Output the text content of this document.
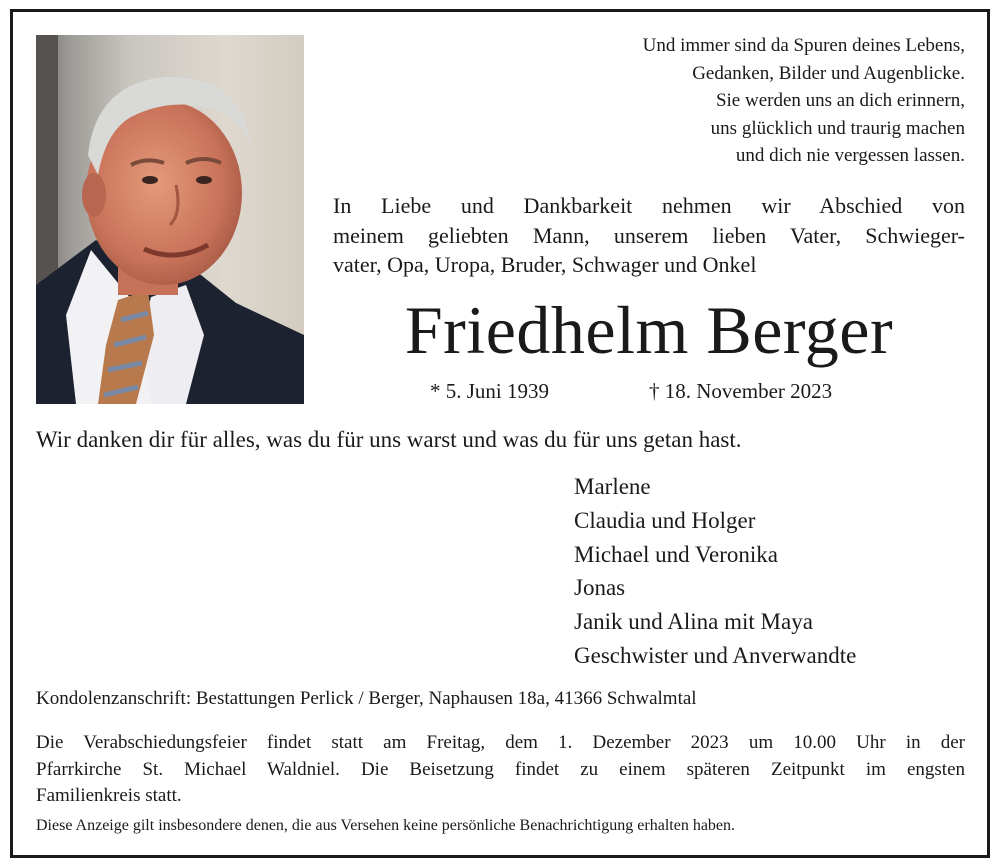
Und immer sind da Spuren deines Lebens,
Gedanken, Bilder und Augenblicke.
Sie werden uns an dich erinnern,
uns glücklich und traurig machen
und dich nie vergessen lassen.
In Liebe und Dankbarkeit nehmen wir Abschied von
meinem geliebten Mann, unserem lieben Vater, Schwieger-
vater, Opa, Uropa, Bruder, Schwager und Onkel
Friedhelm Berger
* 5. Juni 1939	† 18. November 2023
Wir danken dir für alles, was du für uns warst und was du für uns getan hast.
Marlene
Claudia und Holger
Michael und Veronika
Jonas
Janik und Alina mit Maya
Geschwister und Anverwandte
Kondolenzanschrift: Bestattungen Perlick / Berger, Naphausen 18a, 41366 Schwalmtal
Die Verabschiedungsfeier findet statt am Freitag, dem 1. Dezember 2023 um 10.00 Uhr in der
Pfarrkirche St. Michael Waldniel. Die Beisetzung findet zu einem späteren Zeitpunkt im engsten
Familienkreis statt.
Diese Anzeige gilt insbesondere denen, die aus Versehen keine persönliche Benachrichtigung erhalten haben.
